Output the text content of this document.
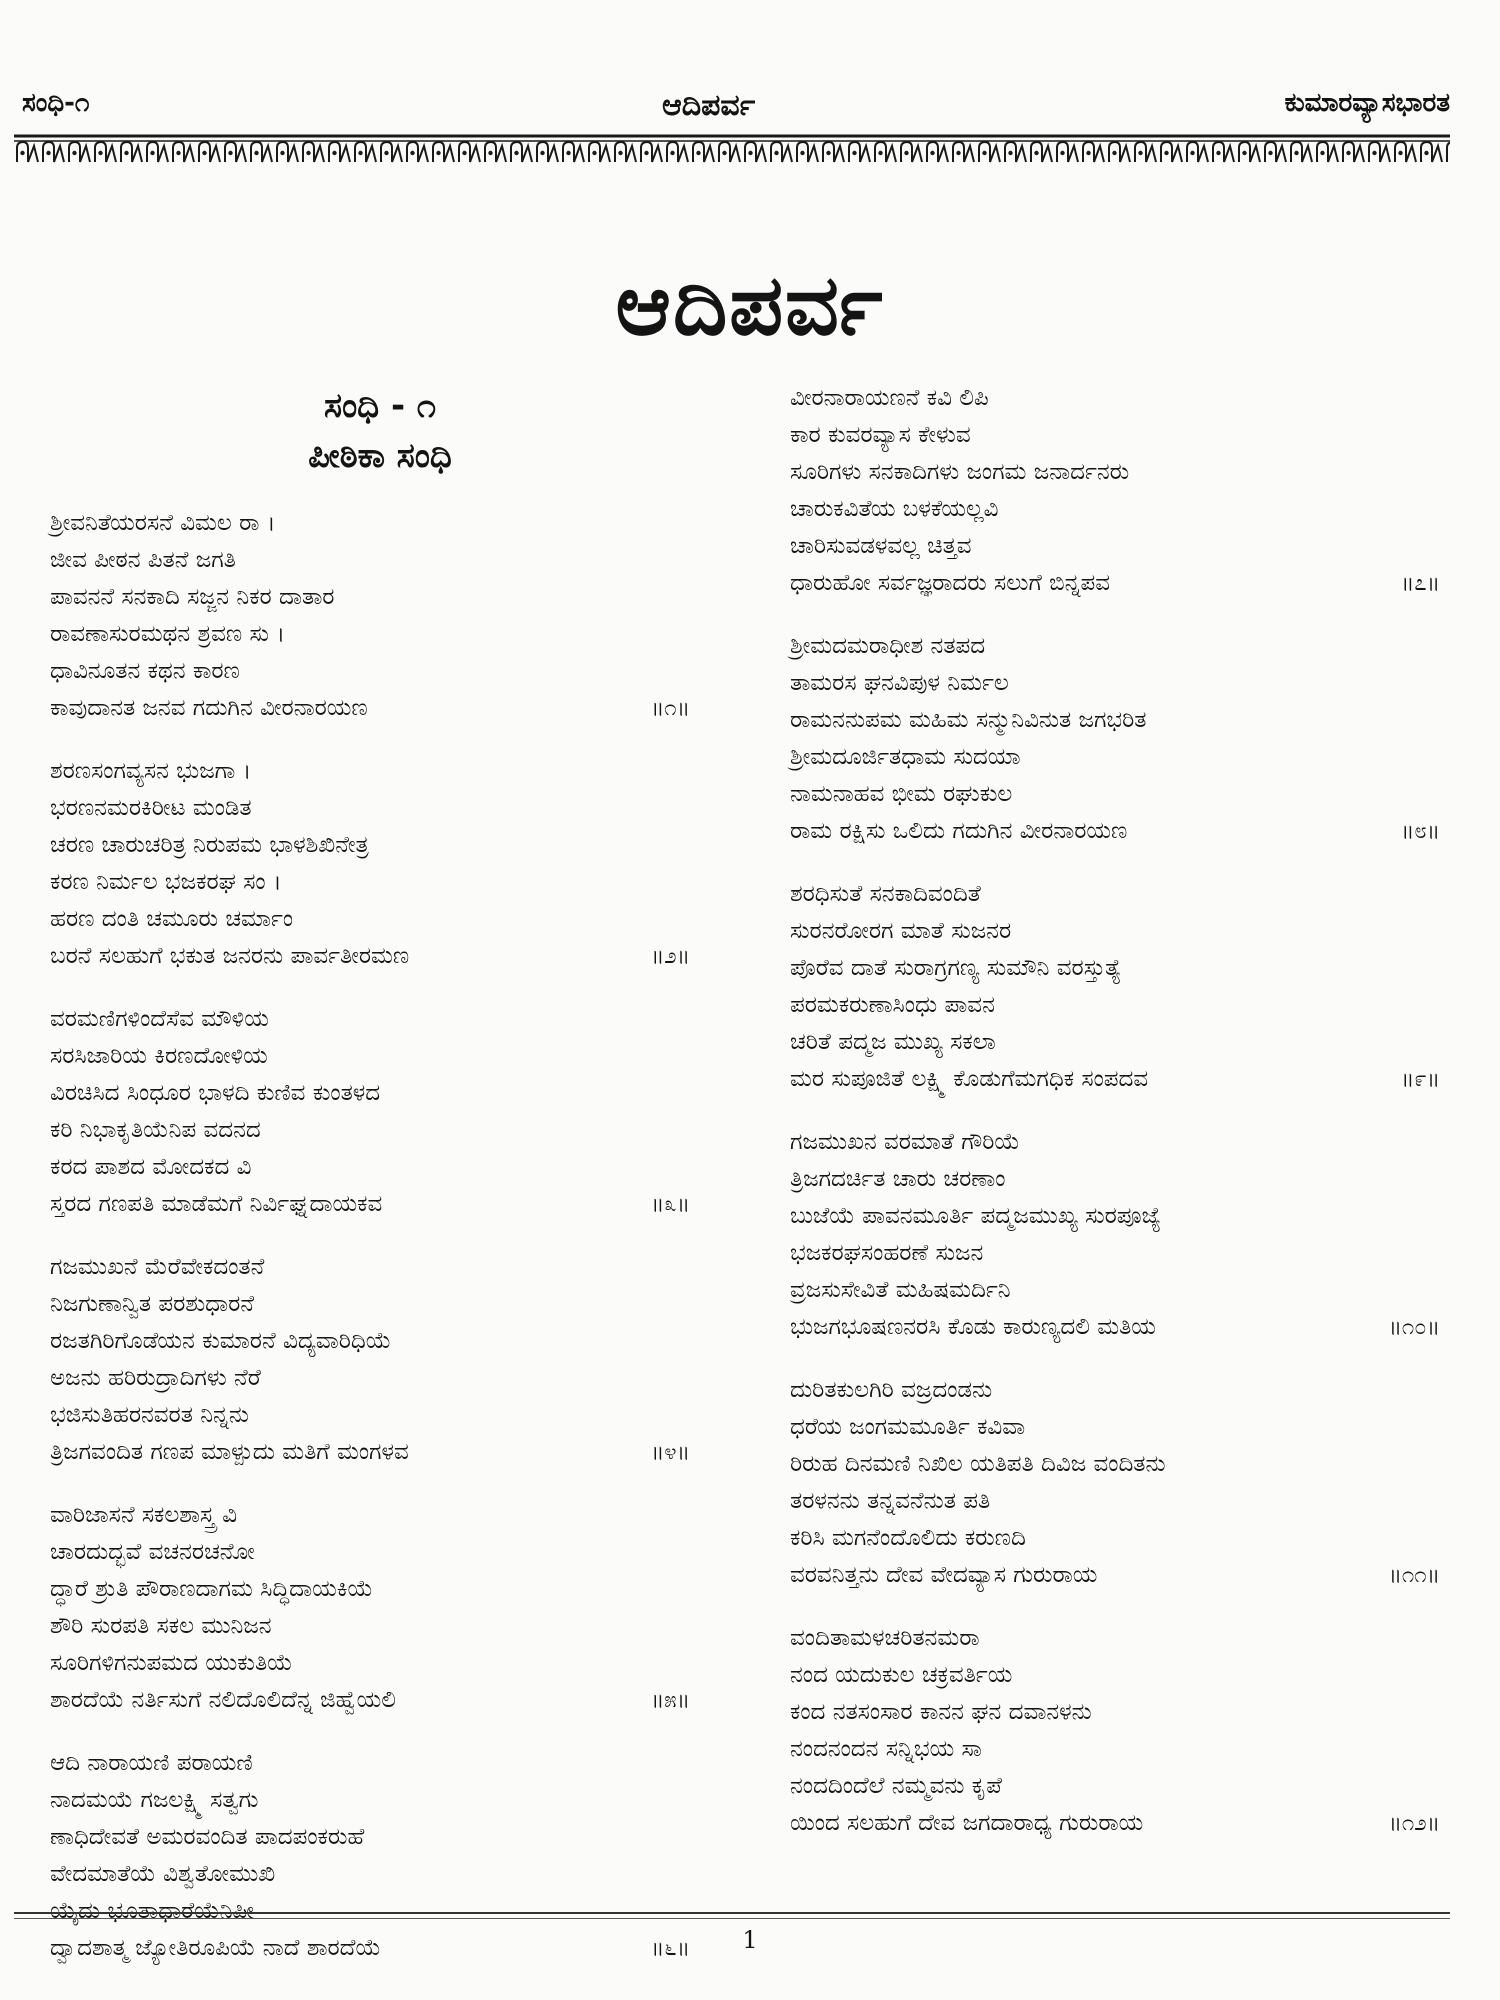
ಸಂಧಿ-೧	ಆದಿಪರ್ವ	ಕುಮಾರವ್ಯಾಸಭಾರತ
ಆದಿಪರ್ವ
ಸಂಧಿ - ೧
ಪೀಠಿಕಾ ಸಂಧಿ
ಶ್ರೀವನಿತೆಯರಸನೆ ವಿಮಲ ರಾ ।
ಜೀವ ಪೀಠನ ಪಿತನೆ ಜಗತಿ
ಪಾವನನೆ ಸನಕಾದಿ ಸಜ್ಜನ ನಿಕರ ದಾತಾರ
ರಾವಣಾಸುರಮಥನ ಶ್ರವಣ ಸು ।
ಧಾವಿನೂತನ ಕಥನ ಕಾರಣ
ಕಾವುದಾನತ ಜನವ ಗದುಗಿನ ವೀರನಾರಯಣ	॥೧॥
ಶರಣಸಂಗವ್ಯಸನ ಭುಜಗಾ ।
ಭರಣನಮರಕಿರೀಟ ಮಂಡಿತ
ಚರಣ ಚಾರುಚರಿತ್ರ ನಿರುಪಮ ಭಾಳಶಿಖಿನೇತ್ರ
ಕರಣ ನಿರ್ಮಲ ಭಜಕರಘ ಸಂ ।
ಹರಣ ದಂತಿ ಚಮೂರು ಚರ್ಮಾಂ
ಬರನೆ ಸಲಹುಗೆ ಭಕುತ ಜನರನು ಪಾರ್ವತೀರಮಣ	॥೨॥
ವರಮಣಿಗಳಿಂದೆಸೆವ ಮೌಳಿಯ
ಸರಸಿಜಾರಿಯ ಕಿರಣದೋಳಿಯ
ವಿರಚಿಸಿದ ಸಿಂಧೂರ ಭಾಳದಿ ಕುಣಿವ ಕುಂತಳದ
ಕರಿ ನಿಭಾಕೃತಿಯೆನಿಪ ವದನದ
ಕರದ ಪಾಶದ ಮೋದಕದ ವಿ
ಸ್ತರದ ಗಣಪತಿ ಮಾಡೆಮಗೆ ನಿರ್ವಿಘ್ನದಾಯಕವ	॥೩॥
ಗಜಮುಖನೆ ಮೆರೆವೇಕದಂತನೆ
ನಿಜಗುಣಾನ್ವಿತ ಪರಶುಧಾರನೆ
ರಜತಗಿರಿಗೊಡೆಯನ ಕುಮಾರನೆ ವಿದ್ಯವಾರಿಧಿಯೆ
ಅಜನು ಹರಿರುದ್ರಾದಿಗಳು ನೆರೆ
ಭಜಿಸುತಿಹರನವರತ ನಿನ್ನನು
ತ್ರಿಜಗವಂದಿತ ಗಣಪ ಮಾಳ್ಪುದು ಮತಿಗೆ ಮಂಗಳವ	॥೪॥
ವಾರಿಜಾಸನೆ ಸಕಲಶಾಸ್ತ್ರ ವಿ
ಚಾರದುದ್ಭವೆ ವಚನರಚನೋ
ದ್ಧಾರೆ ಶ್ರುತಿ ಪೌರಾಣದಾಗಮ ಸಿದ್ಧಿದಾಯಕಿಯೆ
ಶೌರಿ ಸುರಪತಿ ಸಕಲ ಮುನಿಜನ
ಸೂರಿಗಳಿಗನುಪಮದ ಯುಕುತಿಯೆ
ಶಾರದೆಯೆ ನರ್ತಿಸುಗೆ ನಲಿದೊಲಿದೆನ್ನ ಜಿಹ್ವೆಯಲಿ	॥೫॥
ಆದಿ ನಾರಾಯಣಿ ಪರಾಯಣಿ
ನಾದಮಯೆ ಗಜಲಕ್ಷ್ಮಿ ಸತ್ವಗು
ಣಾಧಿದೇವತೆ ಅಮರವಂದಿತ ಪಾದಪಂಕರುಹೆ
ವೇದಮಾತೆಯೆ ವಿಶ್ವತೋಮುಖಿ
ಯೈದು ಭೂತಾಧಾರೆಯೆನಿಪೀ
ದ್ವಾದಶಾತ್ಮ ಜ್ಯೋತಿರೂಪಿಯೆ ನಾದೆ ಶಾರದೆಯೆ	॥೬॥
ವೀರನಾರಾಯಣನೆ ಕವಿ ಲಿಪಿ
ಕಾರ ಕುವರವ್ಯಾಸ ಕೇಳುವ
ಸೂರಿಗಳು ಸನಕಾದಿಗಳು ಜಂಗಮ ಜನಾರ್ದನರು
ಚಾರುಕವಿತೆಯ ಬಳಕೆಯಲ್ಲವಿ
ಚಾರಿಸುವಡಳವಲ್ಲ ಚಿತ್ತವ
ಧಾರುಹೋ ಸರ್ವಜ್ಞರಾದರು ಸಲುಗೆ ಬಿನ್ನಪವ	॥೭॥
ಶ್ರೀಮದಮರಾಧೀಶ ನತಪದ
ತಾಮರಸ ಘನವಿಪುಳ ನಿರ್ಮಲ
ರಾಮನನುಪಮ ಮಹಿಮ ಸನ್ಮುನಿವಿನುತ ಜಗಭರಿತ
ಶ್ರೀಮದೂರ್ಜಿತಧಾಮ ಸುದಯಾ
ನಾಮನಾಹವ ಭೀಮ ರಘುಕುಲ
ರಾಮ ರಕ್ಷಿಸು ಒಲಿದು ಗದುಗಿನ ವೀರನಾರಯಣ	॥೮॥
ಶರಧಿಸುತೆ ಸನಕಾದಿವಂದಿತೆ
ಸುರನರೋರಗ ಮಾತೆ ಸುಜನರ
ಪೊರೆವ ದಾತೆ ಸುರಾಗ್ರಗಣ್ಯ ಸುಮೌನಿ ವರಸ್ತುತ್ಯೆ
ಪರಮಕರುಣಾಸಿಂಧು ಪಾವನ
ಚರಿತೆ ಪದ್ಮಜ ಮುಖ್ಯ ಸಕಲಾ
ಮರ ಸುಪೂಜಿತೆ ಲಕ್ಷ್ಮಿ ಕೊಡುಗೆಮಗಧಿಕ ಸಂಪದವ	॥೯॥
ಗಜಮುಖನ ವರಮಾತೆ ಗೌರಿಯೆ
ತ್ರಿಜಗದರ್ಚಿತ ಚಾರು ಚರಣಾಂ
ಬುಜೆಯೆ ಪಾವನಮೂರ್ತಿ ಪದ್ಮಜಮುಖ್ಯ ಸುರಪೂಜ್ಯೆ
ಭಜಕರಘಸಂಹರಣೆ ಸುಜನ
ವ್ರಜಸುಸೇವಿತೆ ಮಹಿಷಮರ್ದಿನಿ
ಭುಜಗಭೂಷಣನರಸಿ ಕೊಡು ಕಾರುಣ್ಯದಲಿ ಮತಿಯ	॥೧೦॥
ದುರಿತಕುಲಗಿರಿ ವಜ್ರದಂಡನು
ಧರೆಯ ಜಂಗಮಮೂರ್ತಿ ಕವಿವಾ
ರಿರುಹ ದಿನಮಣಿ ನಿಖಿಲ ಯತಿಪತಿ ದಿವಿಜ ವಂದಿತನು
ತರಳನನು ತನ್ನವನೆನುತ ಪತಿ
ಕರಿಸಿ ಮಗನೆಂದೊಲಿದು ಕರುಣದಿ
ವರವನಿತ್ತನು ದೇವ ವೇದವ್ಯಾಸ ಗುರುರಾಯ	॥೧೧॥
ವಂದಿತಾಮಳಚರಿತನಮರಾ
ನಂದ ಯದುಕುಲ ಚಕ್ರವರ್ತಿಯ
ಕಂದ ನತಸಂಸಾರ ಕಾನನ ಘನ ದವಾನಳನು
ನಂದನಂದನ ಸನ್ನಿಭಯ ಸಾ
ನಂದದಿಂದೆಲೆ ನಮ್ಮವನು ಕೃಪೆ
ಯಿಂದ ಸಲಹುಗೆ ದೇವ ಜಗದಾರಾಧ್ಯ ಗುರುರಾಯ	॥೧೨॥
1
